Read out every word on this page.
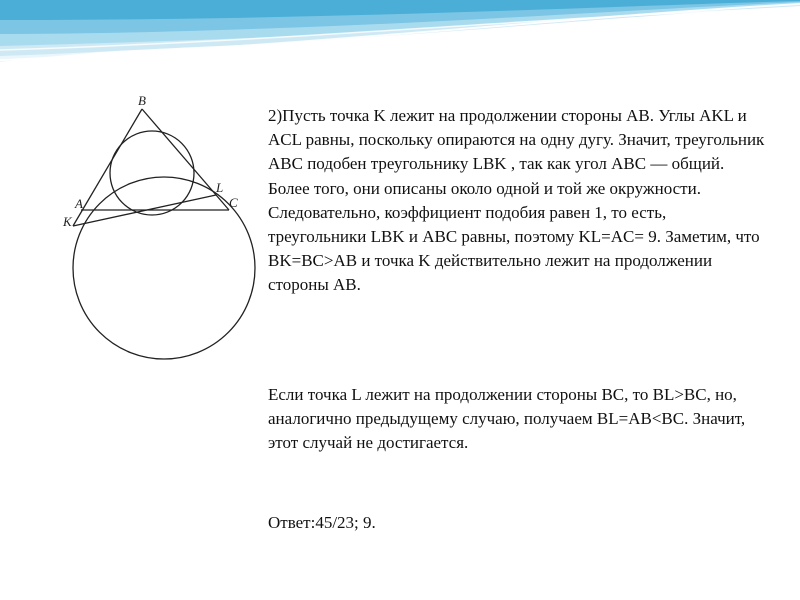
B
A
K
L
C

2)Пусть точка K лежит на продолжении стороны AB. Углы AKL и ACL равны, поскольку опираются на одну дугу. Значит, треугольник ABC подобен треугольнику LBK , так как угол ABC — общий. Более того, они описаны около одной и той же окружности. Следовательно, коэффициент подобия равен 1, то есть, треугольники LBK и ABC равны, поэтому KL=AC= 9. Заметим, что BK=BC>AB и точка K действительно лежит на продолжении стороны AB.

Если точка L лежит на продолжении стороны BC, то BL>BC, но, аналогично предыдущему случаю, получаем BL=AB<BC. Значит, этот случай не достигается.

Ответ:45/23; 9.
